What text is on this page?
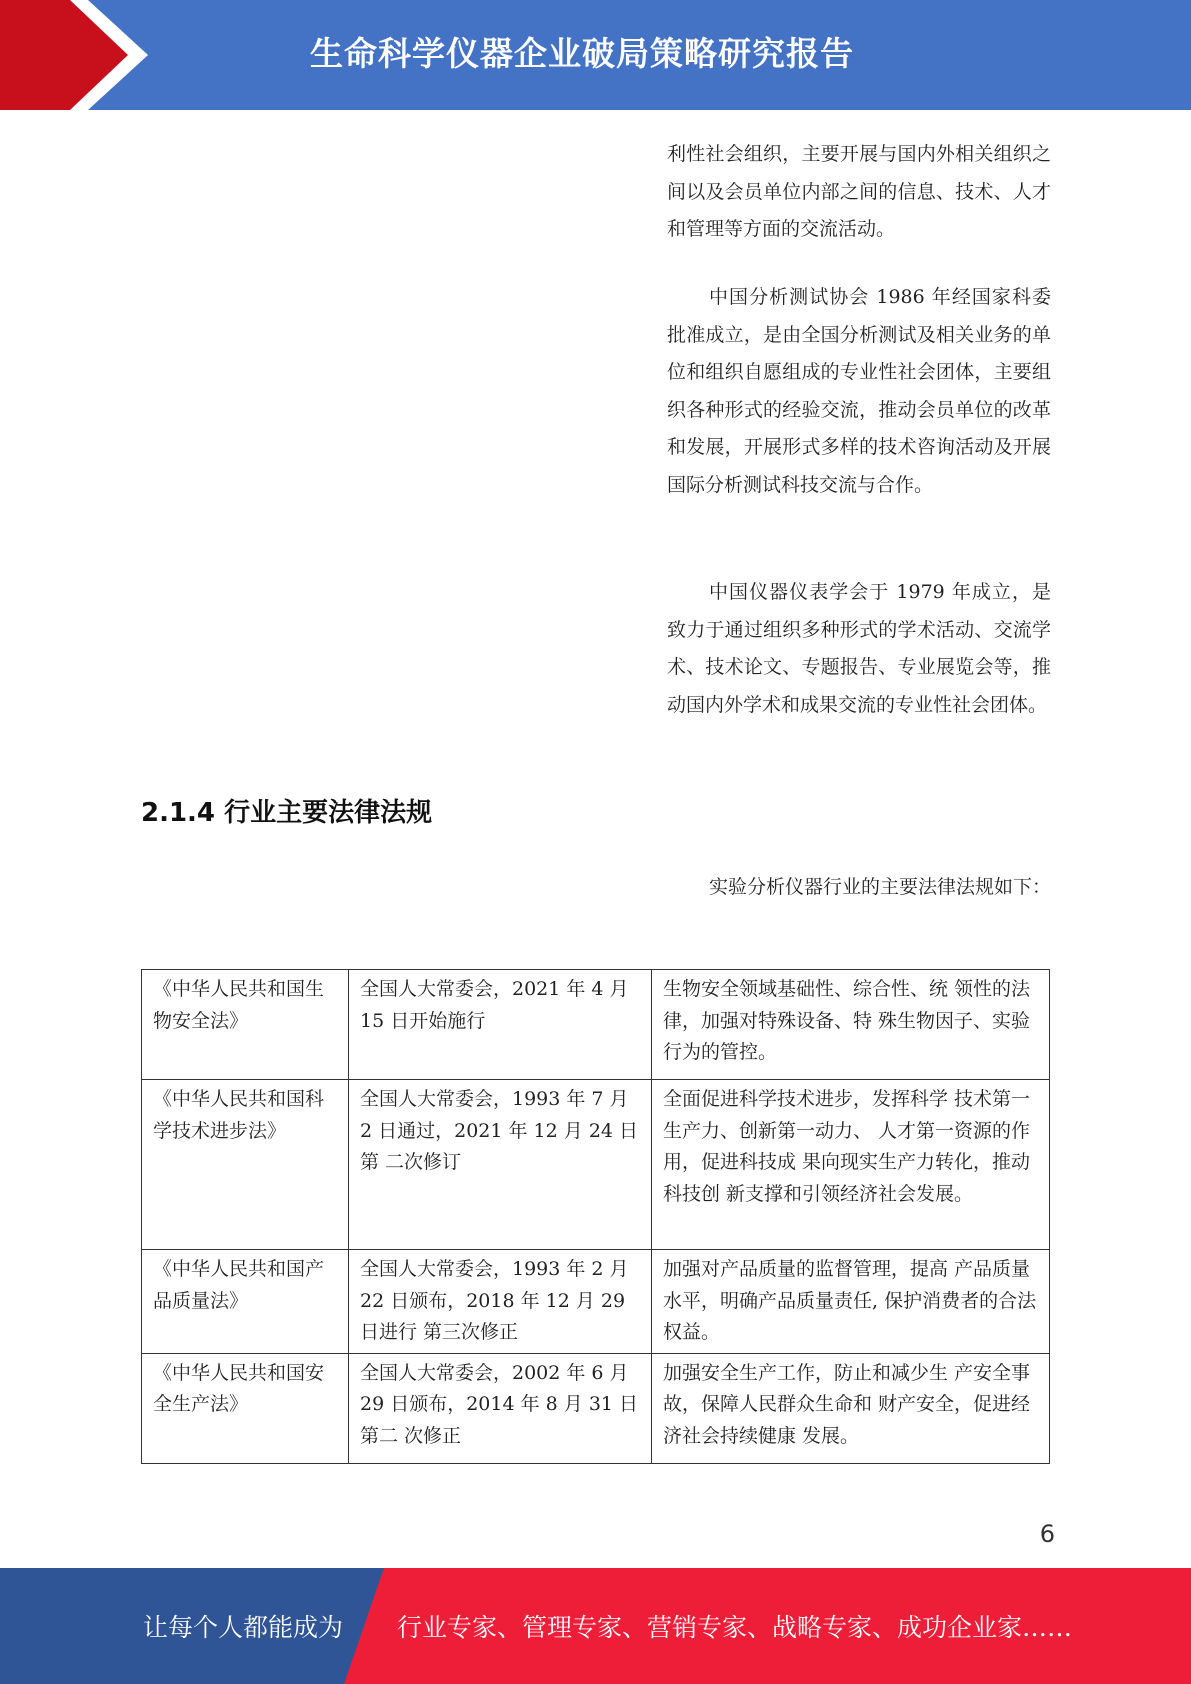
生命科学仪器企业破局策略研究报告

利性社会组织，主要开展与国内外相关组织之间以及会员单位内部之间的信息、技术、人才和管理等方面的交流活动。

中国分析测试协会 1986 年经国家科委批准成立，是由全国分析测试及相关业务的单位和组织自愿组成的专业性社会团体，主要组织各种形式的经验交流，推动会员单位的改革和发展，开展形式多样的技术咨询活动及开展国际分析测试科技交流与合作。

中国仪器仪表学会于 1979 年成立，是致力于通过组织多种形式的学术活动、交流学术、技术论文、专题报告、专业展览会等，推动国内外学术和成果交流的专业性社会团体。

2.1.4 行业主要法律法规

实验分析仪器行业的主要法律法规如下：

《中华人民共和国生 物安全法》	全国人大常委会，2021 年 4 月 15 日开始施行	生物安全领域基础性、综合性、统 领性的法律，加强对特殊设备、特 殊生物因子、实验行为的管控。
《中华人民共和国科 学技术进步法》	全国人大常委会，1993 年 7 月 2 日通过，2021 年 12 月 24 日第 二次修订	全面促进科学技术进步，发挥科学 技术第一生产力、创新第一动力、 人才第一资源的作用，促进科技成 果向现实生产力转化，推动科技创 新支撑和引领经济社会发展。
《中华人民共和国产 品质量法》	全国人大常委会，1993 年 2 月 22 日颁布，2018 年 12 月 29 日进行 第三次修正	加强对产品质量的监督管理，提高 产品质量水平，明确产品质量责任, 保护消费者的合法权益。
《中华人民共和国安 全生产法》	全国人大常委会，2002 年 6 月 29 日颁布，2014 年 8 月 31 日第二 次修正	加强安全生产工作，防止和减少生 产安全事故，保障人民群众生命和 财产安全，促进经济社会持续健康 发展。
6
让每个人都能成为 行业专家、管理专家、营销专家、战略专家、成功企业家……
